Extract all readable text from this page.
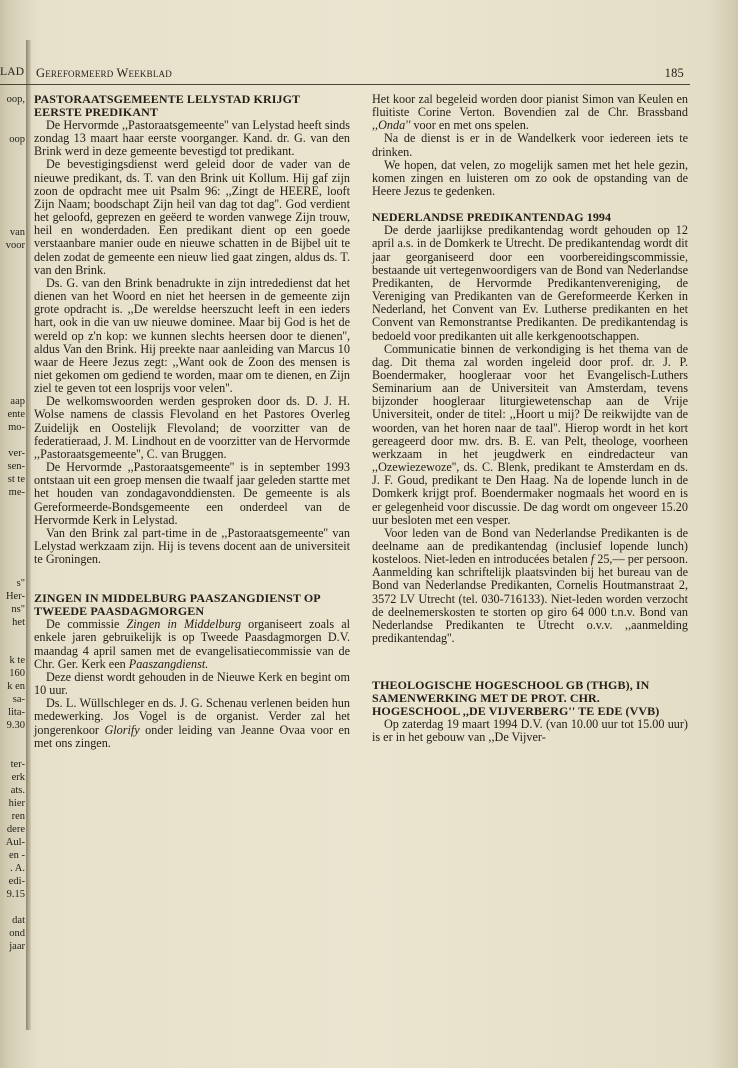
LAD Gereformeerd Weekblad	185
oop,
oop
van
voor
aap
ente
mo-
ver-
sen-
st te
me-
s"
Her-
ns"
het
k te
160
k en
sa-
lita-
9.30
ter-
erk
ats.
hier
ren
dere
Aul-
en -
. A.
edi-
9.15
dat
ond
jaar
PASTORAATSGEMEENTE LELYSTAD KRIJGT EERSTE PREDIKANT

De Hervormde ,,Pastoraatsgemeente'' van Lelystad heeft sinds zondag 13 maart haar eerste voorganger. Kand. dr. G. van den Brink werd in deze gemeente bevestigd tot predikant.

De bevestigingsdienst werd geleid door de vader van de nieuwe predikant, ds. T. van den Brink uit Kollum. Hij gaf zijn zoon de opdracht mee uit Psalm 96: ,,Zingt de HEERE, looft Zijn Naam; boodschapt Zijn heil van dag tot dag''. God verdient het geloofd, geprezen en geëerd te worden vanwege Zijn trouw, heil en wonderdaden. Een predikant dient op een goede verstaanbare manier oude en nieuwe schatten in de Bijbel uit te delen zodat de gemeente een nieuw lied gaat zingen, aldus ds. T. van den Brink.

Ds. G. van den Brink benadrukte in zijn intrededienst dat het dienen van het Woord en niet het heersen in de gemeente zijn grote opdracht is. ,,De wereldse heerszucht leeft in een ieders hart, ook in die van uw nieuwe dominee. Maar bij God is het de wereld op z'n kop: we kunnen slechts heersen door te dienen'', aldus Van den Brink. Hij preekte naar aanleiding van Marcus 10 waar de Heere Jezus zegt: ,,Want ook de Zoon des mensen is niet gekomen om gediend te worden, maar om te dienen, en Zijn ziel te geven tot een losprijs voor velen''.

De welkomswoorden werden gesproken door ds. D. J. H. Wolse namens de classis Flevoland en het Pastores Overleg Zuidelijk en Oostelijk Flevoland; de voorzitter van de federatieraad, J. M. Lindhout en de voorzitter van de Hervormde ,,Pastoraatsgemeente'', C. van Bruggen.

De Hervormde ,,Pastoraatsgemeente'' is in september 1993 ontstaan uit een groep mensen die twaalf jaar geleden startte met het houden van zondagavonddiensten. De gemeente is als Gereformeerde-Bondsgemeente een onderdeel van de Hervormde Kerk in Lelystad.

Van den Brink zal part-time in de ,,Pastoraatsgemeente'' van Lelystad werkzaam zijn. Hij is tevens docent aan de universiteit te Groningen.

ZINGEN IN MIDDELBURG PAASZANGDIENST OP TWEEDE PAASDAGMORGEN

De commissie Zingen in Middelburg organiseert zoals al enkele jaren gebruikelijk is op Tweede Paasdagmorgen D.V. maandag 4 april samen met de evangelisatiecommissie van de Chr. Ger. Kerk een Paaszangdienst.

Deze dienst wordt gehouden in de Nieuwe Kerk en begint om 10 uur.

Ds. L. Wüllschleger en ds. J. G. Schenau verlenen beiden hun medewerking. Jos Vogel is de organist. Verder zal het jongerenkoor Glorify onder leiding van Jeanne Ovaa voor en met ons zingen.

Het koor zal begeleid worden door pianist Simon van Keulen en fluitiste Corine Verton. Bovendien zal de Chr. Brassband ,,Onda'' voor en met ons spelen.

Na de dienst is er in de Wandelkerk voor iedereen iets te drinken.

We hopen, dat velen, zo mogelijk samen met het hele gezin, komen zingen en luisteren om zo ook de opstanding van de Heere Jezus te gedenken.

NEDERLANDSE PREDIKANTENDAG 1994

De derde jaarlijkse predikantendag wordt gehouden op 12 april a.s. in de Domkerk te Utrecht. De predikantendag wordt dit jaar georganiseerd door een voorbereidingscommissie, bestaande uit vertegenwoordigers van de Bond van Nederlandse Predikanten, de Hervormde Predikantenvereniging, de Vereniging van Predikanten van de Gereformeerde Kerken in Nederland, het Convent van Ev. Lutherse predikanten en het Convent van Remonstrantse Predikanten. De predikantendag is bedoeld voor predikanten uit alle kerkgenootschappen.

Communicatie binnen de verkondiging is het thema van de dag. Dit thema zal worden ingeleid door prof. dr. J. P. Boendermaker, hoogleraar voor het Evangelisch-Luthers Seminarium aan de Universiteit van Amsterdam, tevens bijzonder hoogleraar liturgiewetenschap aan de Vrije Universiteit, onder de titel: ,,Hoort u mij? De reikwijdte van de woorden, van het horen naar de taal''. Hierop wordt in het kort gereageerd door mw. drs. B. E. van Pelt, theologe, voorheen werkzaam in het jeugdwerk en eindredacteur van ,,Ozewiezewoze'', ds. C. Blenk, predikant te Amsterdam en ds. J. F. Goud, predikant te Den Haag. Na de lopende lunch in de Domkerk krijgt prof. Boendermaker nogmaals het woord en is er gelegenheid voor discussie. De dag wordt om ongeveer 15.20 uur besloten met een vesper.

Voor leden van de Bond van Nederlandse Predikanten is de deelname aan de predikantendag (inclusief lopende lunch) kosteloos. Niet-leden en introducées betalen f 25,— per persoon. Aanmelding kan schriftelijk plaatsvinden bij het bureau van de Bond van Nederlandse Predikanten, Cornelis Houtmanstraat 2, 3572 LV Utrecht (tel. 030-716133). Niet-leden worden verzocht de deelnemerskosten te storten op giro 64 000 t.n.v. Bond van Nederlandse Predikanten te Utrecht o.v.v. ,,aanmelding predikantendag''.

THEOLOGISCHE HOGESCHOOL GB (THGB), IN SAMENWERKING MET DE PROT. CHR. HOGESCHOOL ,,DE VIJVERBERG'' TE EDE (VVB)

Op zaterdag 19 maart 1994 D.V. (van 10.00 uur tot 15.00 uur) is er in het gebouw van ,,De Vijver-
